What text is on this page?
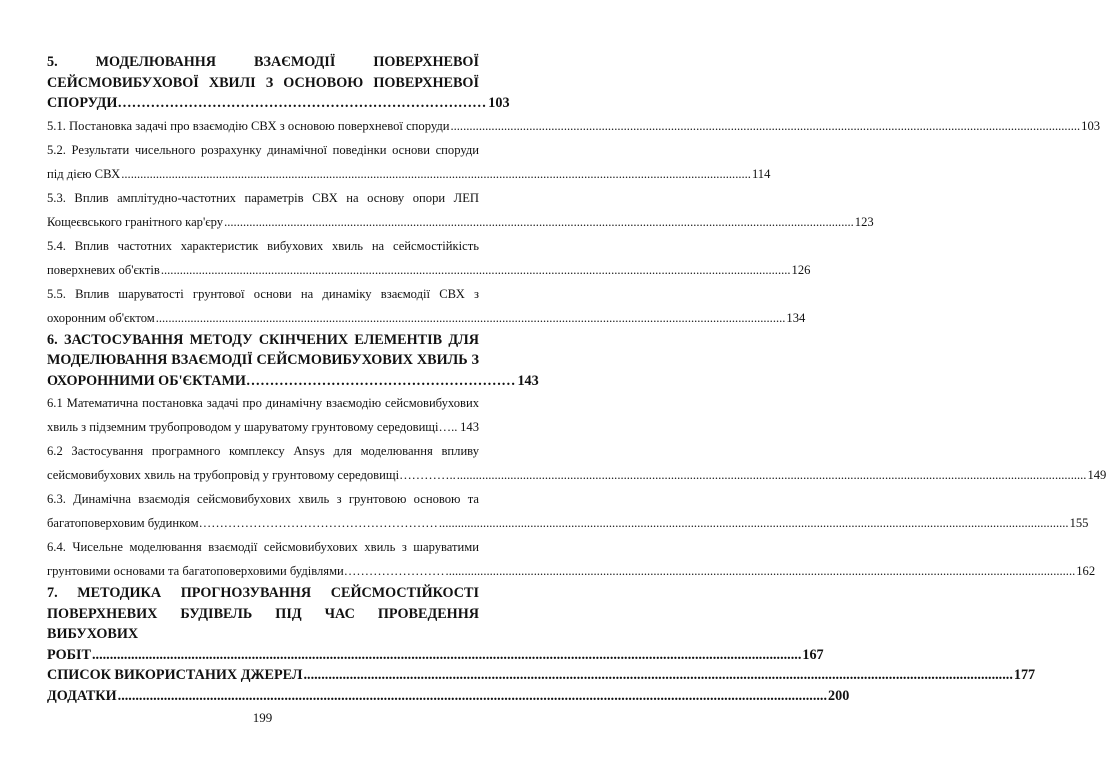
5. МОДЕЛЮВАННЯ ВЗАЄМОДІЇ ПОВЕРХНЕВОЇ
СЕЙСМОВИБУХОВОЇ ХВИЛІ З ОСНОВОЮ ПОВЕРХНЕВОЇ
СПОРУДИ…………………………………………………………………… 103
5.1. Постановка задачі про взаємодію СВХ з основою поверхневої споруди .....	103
5.2. Результати чисельного розрахунку динамічної поведінки основи споруди
під дією СВХ .....	114
5.3. Вплив амплітудно-частотних параметрів СВХ на основу опори ЛЕП
Кощеєвського гранітного кар'єру .....	123
5.4. Вплив частотних характеристик вибухових хвиль на сейсмостійкість
поверхневих об'єктів .....	126
5.5. Вплив шаруватості грунтової основи на динаміку взаємодії СВХ з
охоронним об'єктом .....	134
6. ЗАСТОСУВАННЯ МЕТОДУ СКІНЧЕНИХ ЕЛЕМЕНТІВ ДЛЯ
МОДЕЛЮВАННЯ ВЗАЄМОДІЇ СЕЙСМОВИБУХОВИХ ХВИЛЬ З
ОХОРОННИМИ ОБ'ЄКТАМИ………………………………………………… 143
6.1 Математична постановка задачі про динамічну взаємодію сейсмовибухових
хвиль з підземним трубопроводом у шаруватому грунтовому середовищі….. ..... 143
6.2 Застосування програмного комплексу Ansys для моделювання впливу
сейсмовибухових хвиль на трубопровід у грунтовому середовищі………….. .....	149
6.3. Динамічна взаємодія сейсмовибухових хвиль з грунтовою основою та
багатоповерховим будинком………………………………………………… .....	155
6.4. Чисельне моделювання взаємодії сейсмовибухових хвиль з шаруватими
грунтовими основами та багатоповерховими будівлями…………………… .....	162
7. МЕТОДИКА ПРОГНОЗУВАННЯ СЕЙСМОСТІЙКОСТІ
ПОВЕРХНЕВИХ БУДІВЕЛЬ ПІД ЧАС ПРОВЕДЕННЯ ВИБУХОВИХ
РОБІТ .....	167
СПИСОК ВИКОРИСТАНИХ ДЖЕРЕЛ .....	177
ДОДАТКИ .....	200
199
